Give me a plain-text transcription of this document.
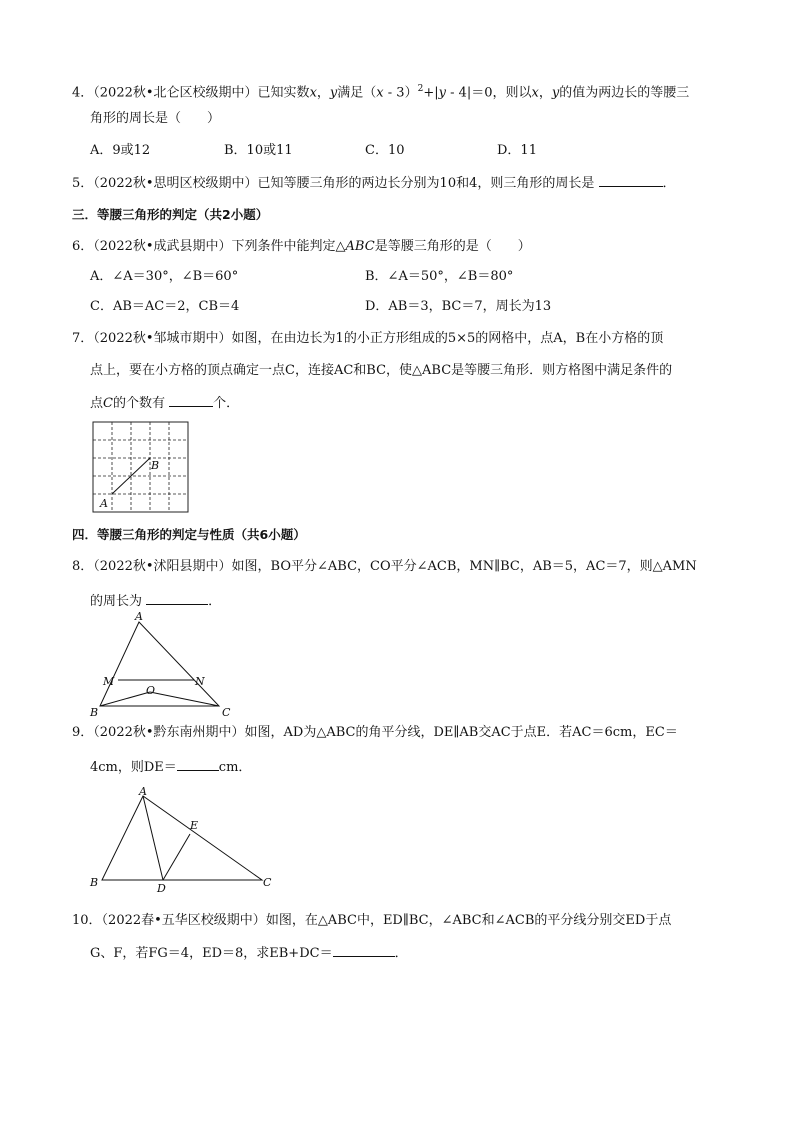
4．（2022秋•北仑区校级期中）已知实数x，y满足（x - 3）$^2$+|y - 4|＝0，则以x，y的值为两边长的等腰三
角形的周长是（　　）
A．9或12	B．10或11	C．10	D．11
5．（2022秋•思明区校级期中）已知等腰三角形的两边长分别为10和4，则三角形的周长是	．
三．等腰三角形的判定（共2小题）
6．（2022秋•成武县期中）下列条件中能判定△ABC是等腰三角形的是（　　）
A．∠A＝30°，∠B＝60°	B．∠A＝50°，∠B＝80°
C．AB＝AC＝2，CB＝4	D．AB＝3，BC＝7，周长为13
7．（2022秋•邹城市期中）如图，在由边长为1的小正方形组成的5×5的网格中，点A，B在小方格的顶
点上，要在小方格的顶点确定一点C，连接AC和BC，使△ABC是等腰三角形．则方格图中满足条件的
点C的个数有	个．
A
B
四．等腰三角形的判定与性质（共6小题）
8．（2022秋•沭阳县期中）如图，BO平分∠ABC，CO平分∠ACB，MN∥BC，AB＝5，AC＝7，则△AMN
的周长为	．
A
M	N
O
B	C
9．（2022秋•黔东南州期中）如图，AD为△ABC的角平分线，DE∥AB交AC于点E．若AC＝6cm，EC＝
4cm，则DE＝	cm．
A
E
B	D	C
10．（2022春•五华区校级期中）如图，在△ABC中，ED∥BC，∠ABC和∠ACB的平分线分别交ED于点
G、F，若FG＝4，ED＝8，求EB+DC＝	．
